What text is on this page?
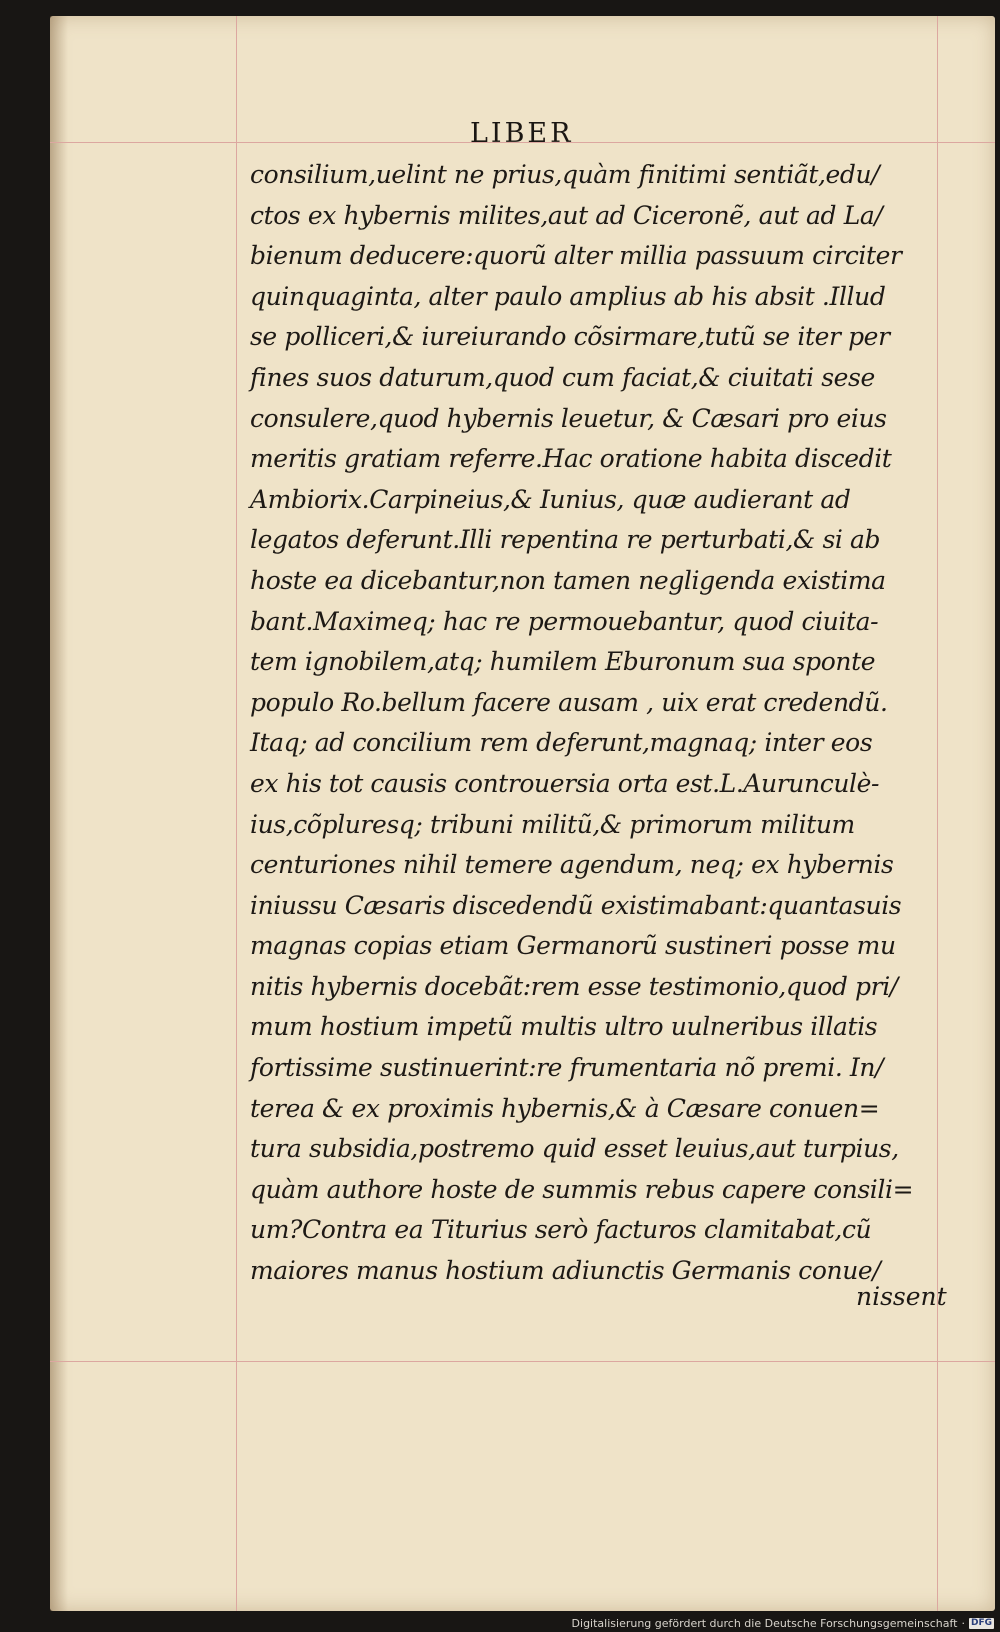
LIBER
consilium,uelint ne prius,quàm finitimi sentiãt,edu/
ctos ex hybernis milites,aut ad Ciceronẽ, aut ad La/
bienum deducere:quorũ alter millia passuum circiter
quinquaginta, alter paulo amplius ab his absit .Illud
se polliceri,& iureiurando cõsirmare,tutũ se iter per
fines suos daturum,quod cum faciat,& ciuitati sese
consulere,quod hybernis leuetur, & Cæsari pro eius
meritis gratiam referre.Hac oratione habita discedit
Ambiorix.Carpineius,& Iunius, quæ audierant ad
legatos deferunt.Illi repentina re perturbati,& si ab
hoste ea dicebantur,non tamen negligenda existima
bant.Maximeq; hac re permouebantur, quod ciuita-
tem ignobilem,atq; humilem Eburonum sua sponte
populo Ro.bellum facere ausam , uix erat credendũ.
Itaq; ad concilium rem deferunt,magnaq; inter eos
ex his tot causis controuersia orta est.L.Aurunculè-
ius,cõpluresq; tribuni militũ,& primorum militum
centuriones nihil temere agendum, neq; ex hybernis
iniussu Cæsaris discedendũ existimabant:quantasuis
magnas copias etiam Germanorũ sustineri posse mu
nitis hybernis docebãt:rem esse testimonio,quod pri/
mum hostium impetũ multis ultro uulneribus illatis
fortissime sustinuerint:re frumentaria nõ premi. In/
terea & ex proximis hybernis,& à Cæsare conuen=
tura subsidia,postremo quid esset leuius,aut turpius,
quàm authore hoste de summis rebus capere consili=
um?Contra ea Titurius serò facturos clamitabat,cũ
maiores manus hostium adiunctis Germanis conue/
nissent
Digitalisierung gefördert durch die Deutsche Forschungsgemeinschaft · DFG
